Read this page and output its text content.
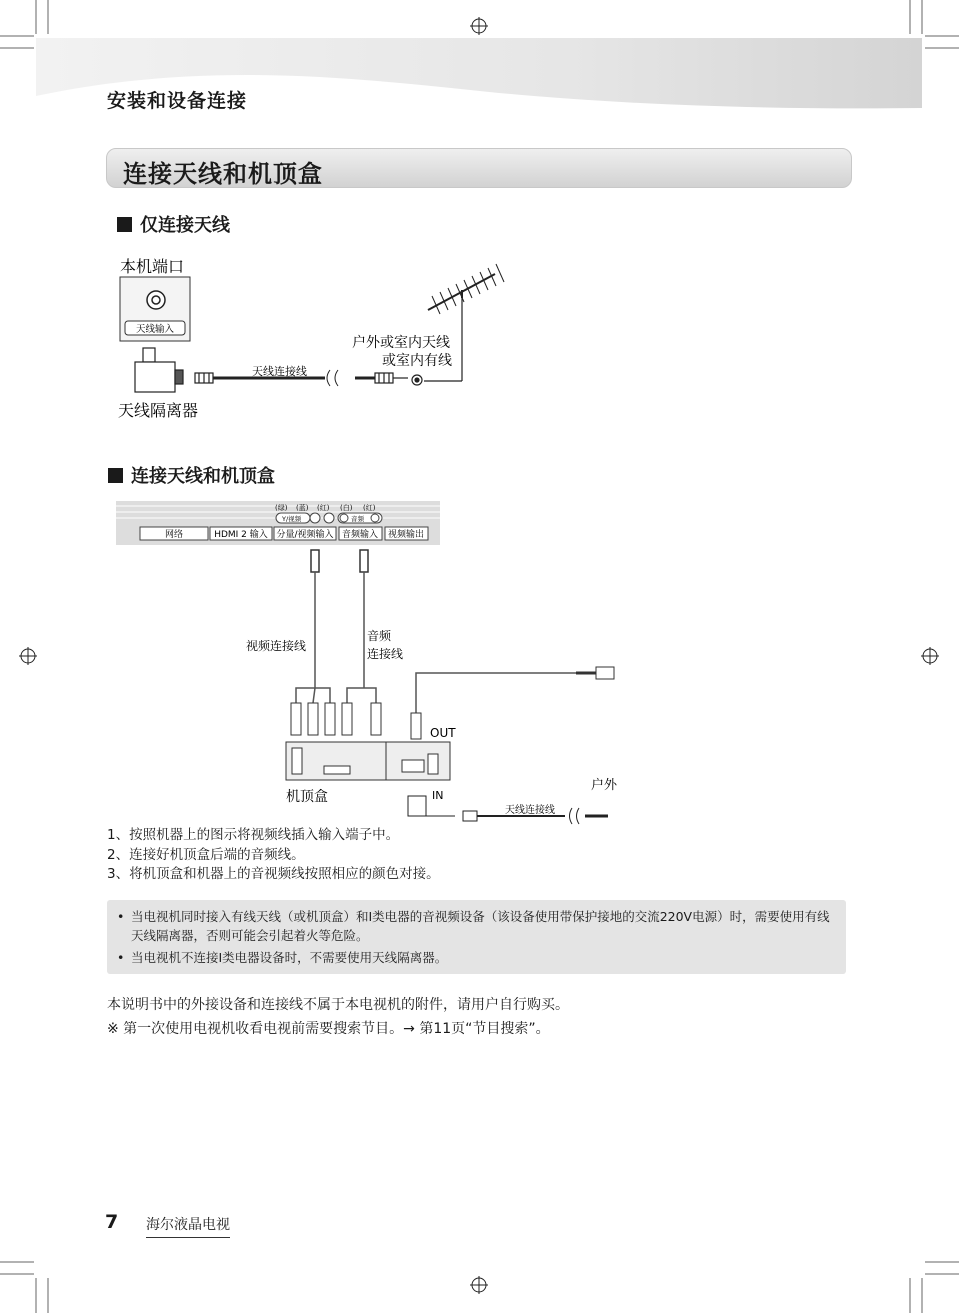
安装和设备连接
连接天线和机顶盒
仅连接天线
本机端口
天线输入
天线连接线
户外或室内天线
或室内有线
天线隔离器
连接天线和机顶盒
(绿) (蓝) (红) (白) (红)
Y/视频	音频
网络	HDMI 2 输入 分量/视频输入 音频输入 视频输出
视频连接线
音频
连接线
OUT
机顶盒	IN
天线连接线
户外
1、按照机器上的图示将视频线插入输入端子中。
2、连接好机顶盒后端的音频线。
3、将机顶盒和机器上的音视频线按照相应的颜色对接。
• 当电视机同时接入有线天线（或机顶盒）和Ⅰ类电器的音视频设备（该设备使用带保护接地的交流220V电源）时，需要使用有线天线隔离器，否则可能会引起着火等危险。
• 当电视机不连接Ⅰ类电器设备时，不需要使用天线隔离器。
本说明书中的外接设备和连接线不属于本电视机的附件，请用户自行购买。
※ 第一次使用电视机收看电视前需要搜索节目。→ 第11页“节目搜索”。
7 海尔液晶电视
